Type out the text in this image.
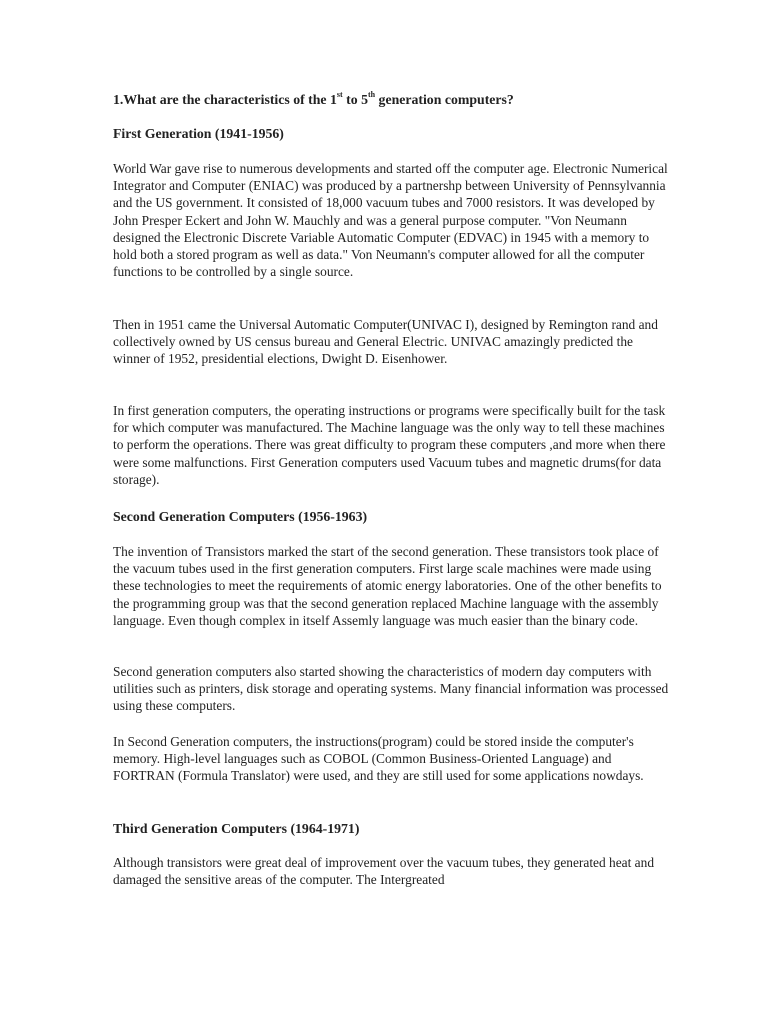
1.What are the characteristics of the 1st to 5th generation computers?

First Generation (1941-1956)

World War gave rise to numerous developments and started off the computer age. Electronic Numerical Integrator and Computer (ENIAC) was produced by a partnershp between University of Pennsylvannia and the US government. It consisted of 18,000 vacuum tubes and 7000 resistors. It was developed by John Presper Eckert and John W. Mauchly and was a general purpose computer. "Von Neumann designed the Electronic Discrete Variable Automatic Computer (EDVAC) in 1945 with a memory to hold both a stored program as well as data." Von Neumann's computer allowed for all the computer functions to be controlled by a single source.

Then in 1951 came the Universal Automatic Computer(UNIVAC I), designed by Remington rand and collectively owned by US census bureau and General Electric. UNIVAC amazingly predicted the winner of 1952, presidential elections, Dwight D. Eisenhower.

In first generation computers, the operating instructions or programs were specifically built for the task for which computer was manufactured. The Machine language was the only way to tell these machines to perform the operations. There was great difficulty to program these computers ,and more when there were some malfunctions. First Generation computers used Vacuum tubes and magnetic drums(for data storage).

Second Generation Computers (1956-1963)

The invention of Transistors marked the start of the second generation. These transistors took place of the vacuum tubes used in the first generation computers. First large scale machines were made using these technologies to meet the requirements of atomic energy laboratories. One of the other benefits to the programming group was that the second generation replaced Machine language with the assembly language. Even though complex in itself Assemly language was much easier than the binary code.

Second generation computers also started showing the characteristics of modern day computers with utilities such as printers, disk storage and operating systems. Many financial information was processed using these computers.

In Second Generation computers, the instructions(program) could be stored inside the computer's memory. High-level languages such as COBOL (Common Business-Oriented Language) and FORTRAN (Formula Translator) were used, and they are still used for some applications nowdays.

Third Generation Computers (1964-1971)

Although transistors were great deal of improvement over the vacuum tubes, they generated heat and damaged the sensitive areas of the computer. The Intergreated
